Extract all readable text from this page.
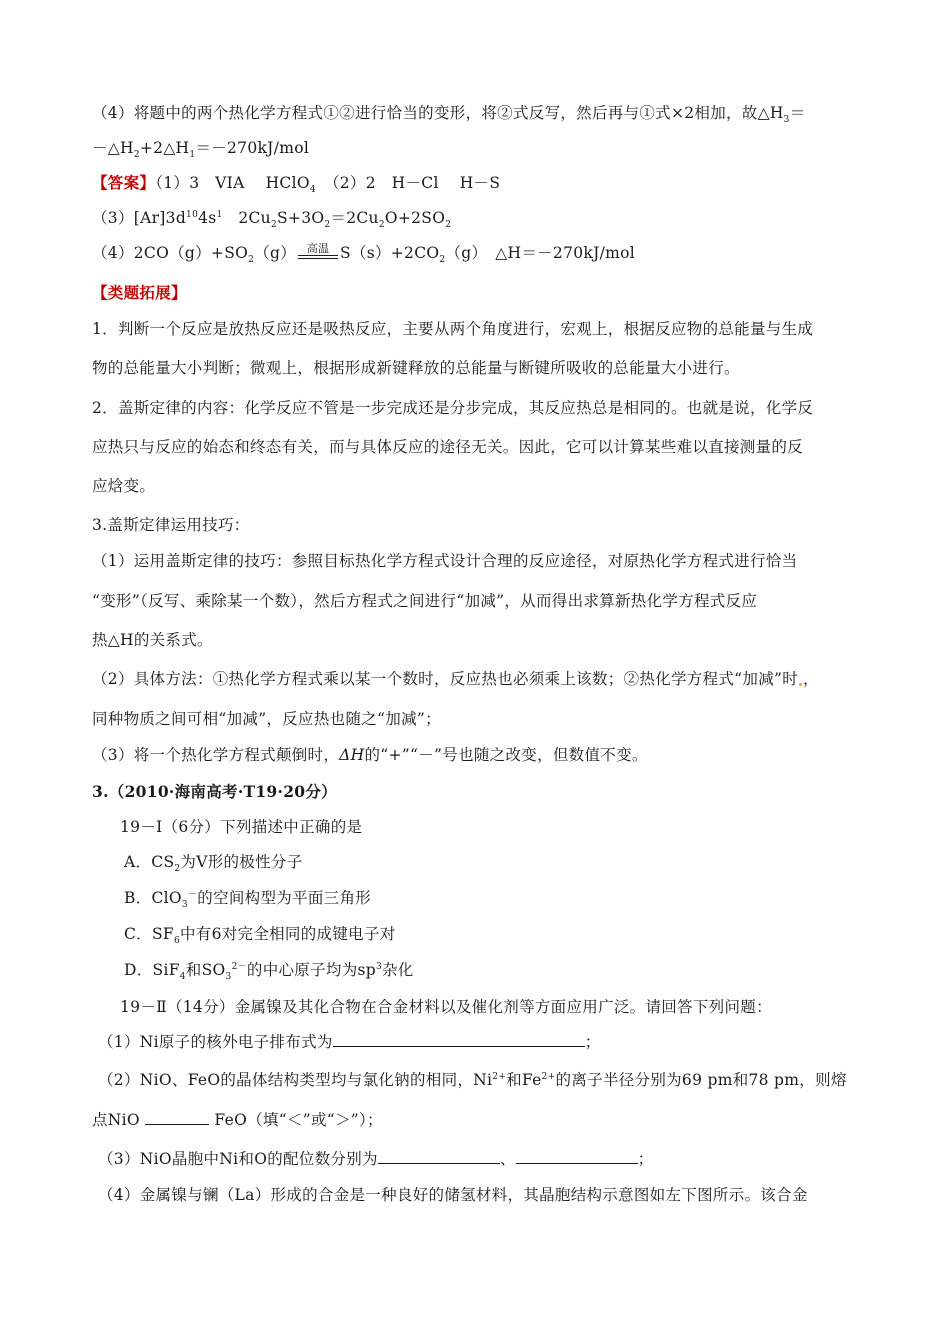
（4）将题中的两个热化学方程式①②进行恰当的变形，将②式反写，然后再与①式×2相加，故$\triangle H_3=$
$-\triangle H_2+2\triangle H_1=-270kJ$/mol
【答案】（1）3　VIA　 HClO$_4$　（2）2　H－Cl　 H－S
$(3)[Ar]3d^{10}4s^1$　$2Cu_2S+3O_2=2Cu_2O+2SO_2$
$(4)2CO(g)+SO_2(g)$ 高温 $S(s)+2CO_2(g)$　△H＝－270kJ/mol
【类题拓展】
1．判断一个反应是放热反应还是吸热反应，主要从两个角度进行，宏观上，根据反应物的总能量与生成
物的总能量大小判断；微观上，根据形成新键释放的总能量与断键所吸收的总能量大小进行。
2．盖斯定律的内容：化学反应不管是一步完成还是分步完成，其反应热总是相同的。也就是说，化学反
应热只与反应的始态和终态有关，而与具体反应的途径无关。因此，它可以计算某些难以直接测量的反
应焓变。
3.盖斯定律运用技巧：
（1）运用盖斯定律的技巧：参照目标热化学方程式设计合理的反应途径，对原热化学方程式进行恰当
“变形”（反写、乘除某一个数），然后方程式之间进行“加减”，从而得出求算新热化学方程式反应
热△H的关系式。
（2）具体方法：①热化学方程式乘以某一个数时，反应热也必须乘上该数；②热化学方程式“加减”时 ，
同种物质之间可相“加减”，反应热也随之“加减”；
（3）将一个热化学方程式颠倒时，ΔH的“+”“－”号也随之改变，但数值不变。
3.（2010·海南高考·T19·20分）
19－I（6分）下列描述中正确的是
A．$CS_2$为V形的极性分子
B．ClO$_3$－的空间构型为平面三角形
C．$SF_6$中有6对完全相同的成键电子对
D．SiF$_4$和$SO_3^{2-}$的中心原子均为$sp^3$杂化
19－Ⅱ（14分）金属镍及其化合物在合金材料以及催化剂等方面应用广泛。请回答下列问题：
（1）Ni原子的核外电子排布式为	；
（2）NiO、FeO的晶体结构类型均与氯化钠的相同，$Ni^{2+}$和$Fe^{2+}$的离子半径分别为69 pm和78 pm，则熔
点NiO	FeO（填“＜”或“＞”）；
（3）NiO晶胞中Ni和O的配位数分别为	、	；
（4）金属镍与镧（La）形成的合金是一种良好的储氢材料，其晶胞结构示意图如左下图所示。该合金
